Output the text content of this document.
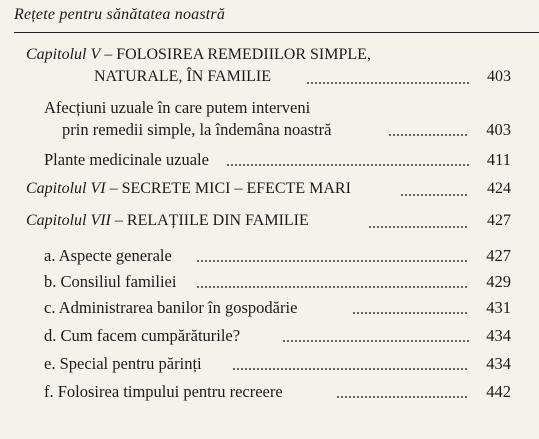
Rețete pentru sănătatea noastră
Capitolul V – FOLOSIREA REMEDIILOR SIMPLE,
NATURALE, ÎN FAMILIE	403
Afecțiuni uzuale în care putem interveni
prin remedii simple, la îndemâna noastră	403
Plante medicinale uzuale	411
Capitolul VI – SECRETE MICI – EFECTE MARI	424
Capitolul VII – RELAȚIILE DIN FAMILIE	427
a. Aspecte generale	427
b. Consiliul familiei	429
c. Administrarea banilor în gospodărie	431
d. Cum facem cumpărăturile?	434
e. Special pentru părinți	434
f. Folosirea timpului pentru recreere	442
